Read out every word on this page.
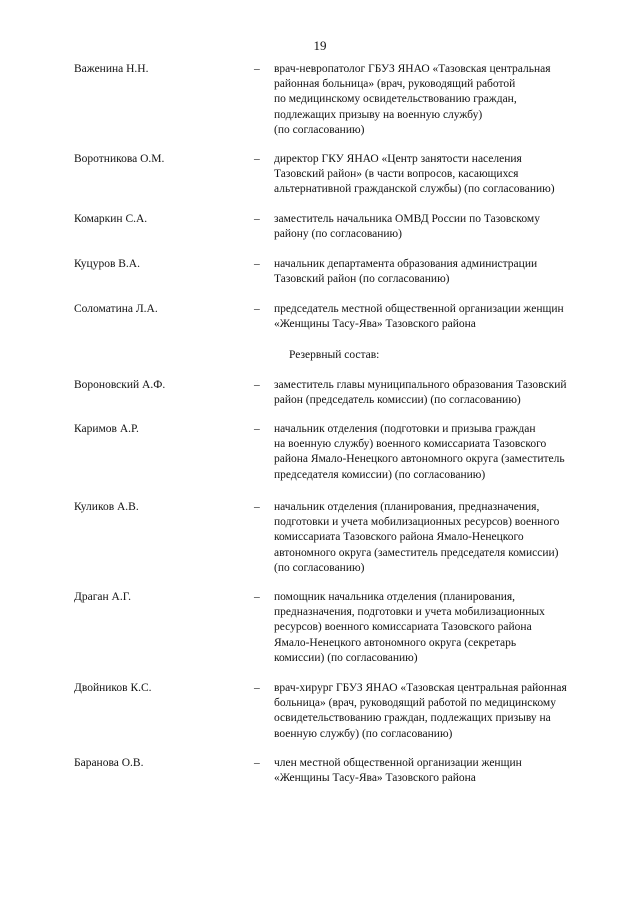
19
Важенина Н.Н.	– врач-невропатолог ГБУЗ ЯНАО «Тазовская центральная
районная больница» (врач, руководящий работой
по медицинскому освидетельствованию граждан,
подлежащих призыву на военную службу)
(по согласованию)
Воротникова О.М.	– директор ГКУ ЯНАО «Центр занятости населения
Тазовский район» (в части вопросов, касающихся
альтернативной гражданской службы) (по согласованию)
Комаркин С.А.	– заместитель начальника ОМВД России по Тазовскому
району (по согласованию)
Куцуров В.А.	– начальник департамента образования администрации
Тазовский район (по согласованию)
Соломатина Л.А.	– председатель местной общественной организации женщин
«Женщины Тасу-Ява» Тазовского района
Резервный состав:
Вороновский А.Ф.	– заместитель главы муниципального образования Тазовский
район (председатель комиссии) (по согласованию)
Каримов А.Р.	– начальник отделения (подготовки и призыва граждан
на военную службу) военного комиссариата Тазовского
района Ямало-Ненецкого автономного округа (заместитель
председателя комиссии) (по согласованию)
Куликов А.В.	– начальник отделения (планирования, предназначения,
подготовки и учета мобилизационных ресурсов) военного
комиссариата Тазовского района Ямало-Ненецкого
автономного округа (заместитель председателя комиссии)
(по согласованию)
Драган А.Г.	– помощник начальника отделения (планирования,
предназначения, подготовки и учета мобилизационных
ресурсов) военного комиссариата Тазовского района
Ямало-Ненецкого автономного округа (секретарь
комиссии) (по согласованию)
Двойников К.С.	– врач-хирург ГБУЗ ЯНАО «Тазовская центральная районная
больница» (врач, руководящий работой по медицинскому
освидетельствованию граждан, подлежащих призыву на
военную службу) (по согласованию)
Баранова О.В.	– член местной общественной организации женщин
«Женщины Тасу-Ява» Тазовского района
